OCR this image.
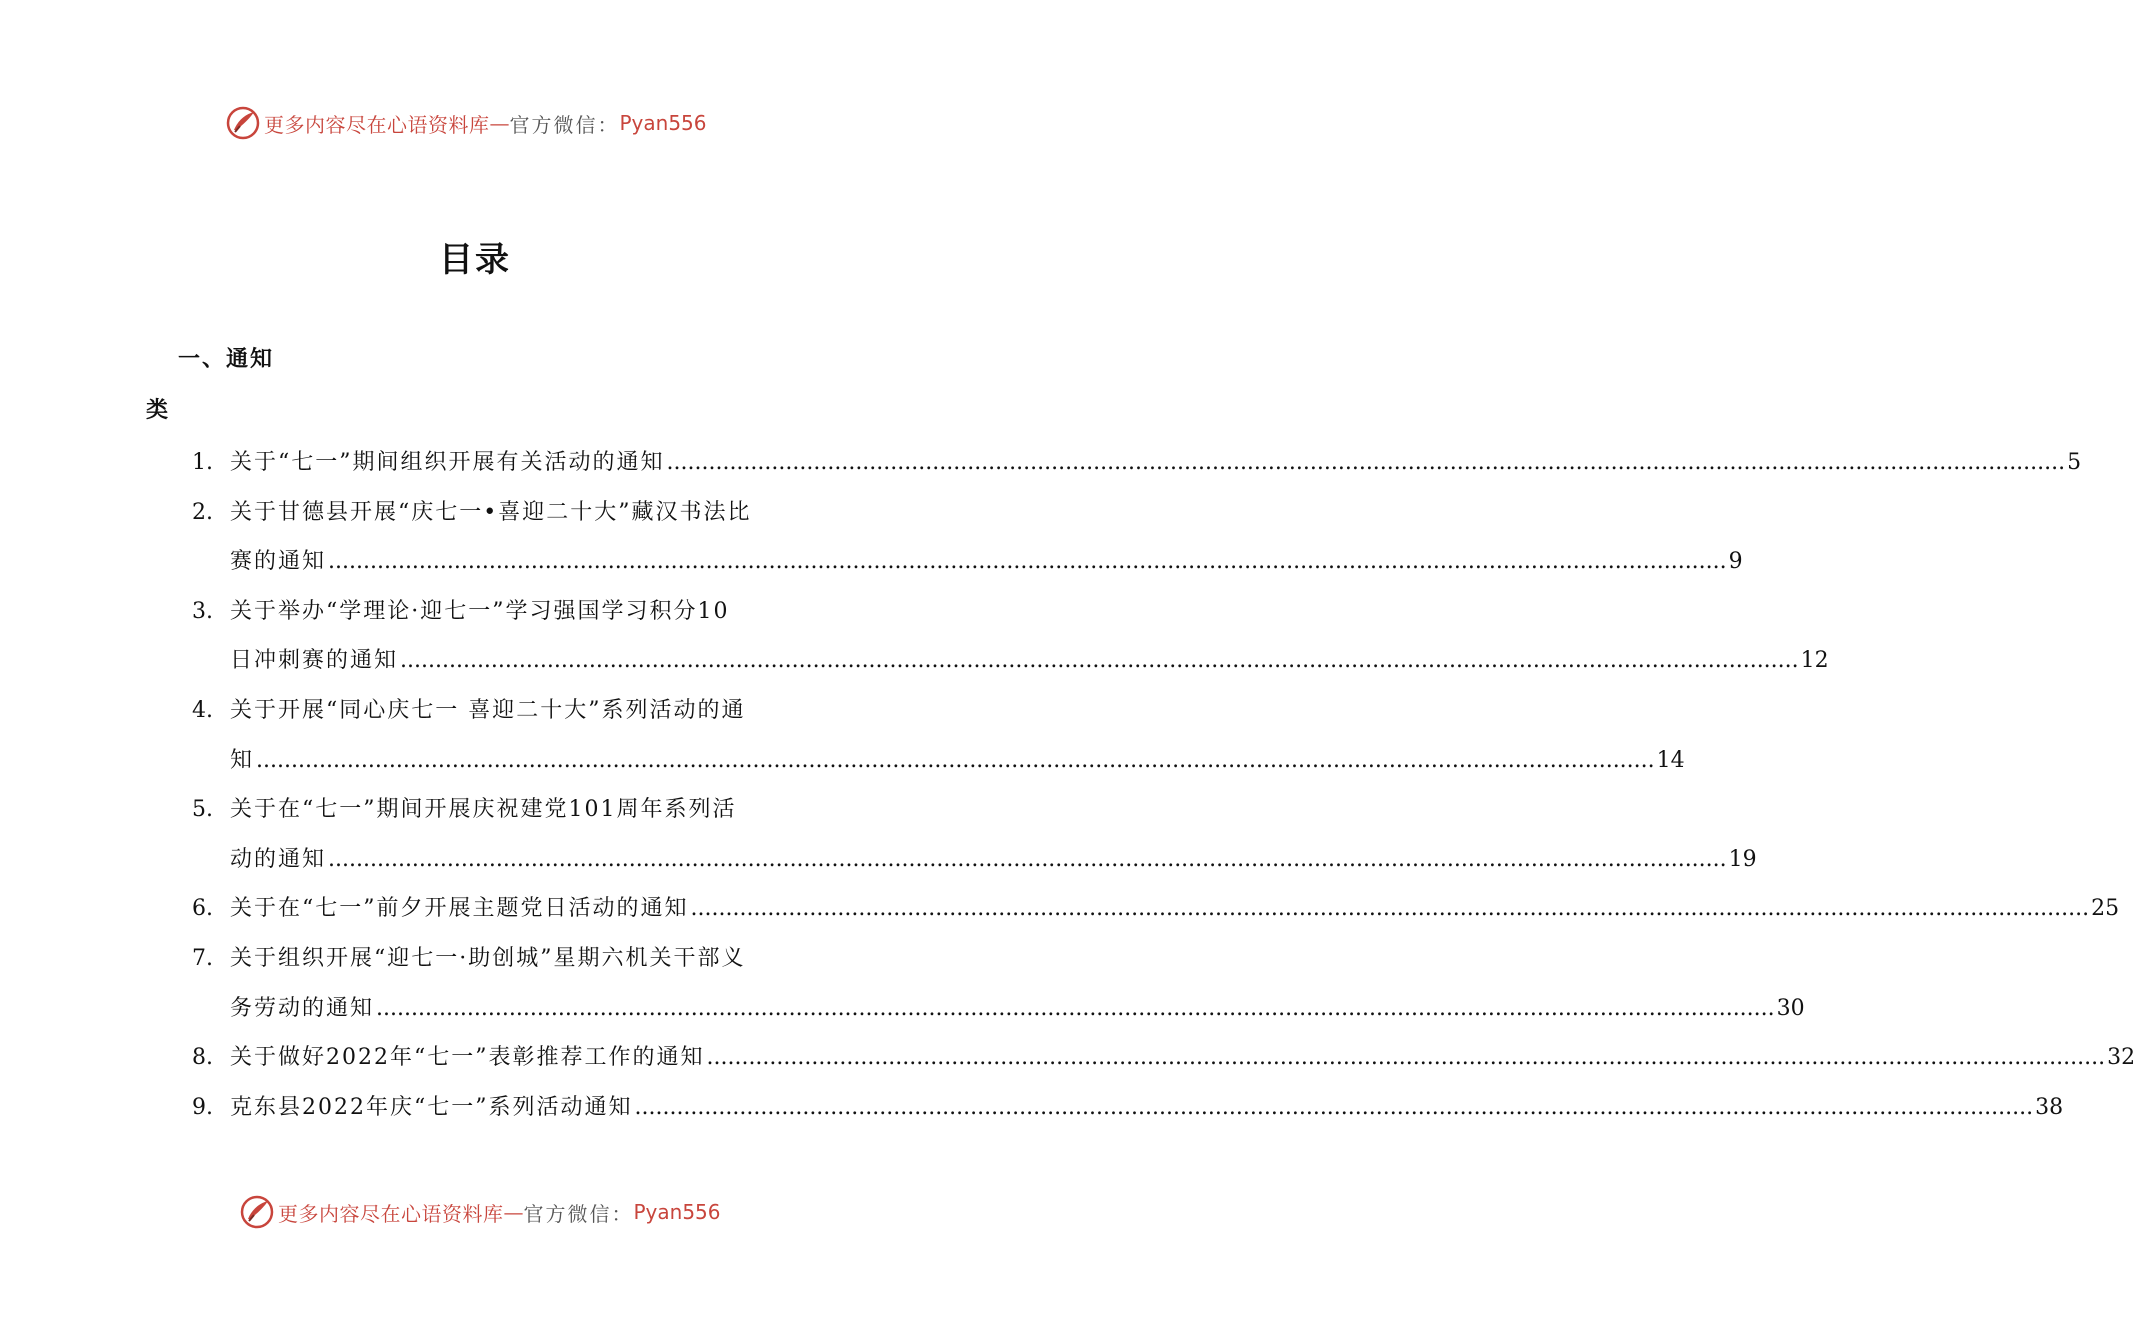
更多内容尽在心语资料库 — 官方微信： Pyan556
目录
一、通知
类
1. 关于“七一”期间组织开展有关活动的通知 ........................................................................................................................................................................................................ 5
2. 关于甘德县开展“庆七一•喜迎二十大”藏汉书法比
赛的通知 ........................................................................................................................................................................................................ 9
3. 关于举办“学理论·迎七一”学习强国学习积分10
日冲刺赛的通知 ........................................................................................................................................................................................................ 12
4. 关于开展“同心庆七一 喜迎二十大”系列活动的通
知 ........................................................................................................................................................................................................ 14
5. 关于在“七一”期间开展庆祝建党101周年系列活
动的通知 ........................................................................................................................................................................................................ 19
6. 关于在“七一”前夕开展主题党日活动的通知 ........................................................................................................................................................................................................ 25
7. 关于组织开展“迎七一·助创城”星期六机关干部义
务劳动的通知 ........................................................................................................................................................................................................ 30
8. 关于做好2022年“七一”表彰推荐工作的通知 ........................................................................................................................................................................................................ 32
9. 克东县2022年庆“七一”系列活动通知 ........................................................................................................................................................................................................ 38
更多内容尽在心语资料库 — 官方微信： Pyan556
